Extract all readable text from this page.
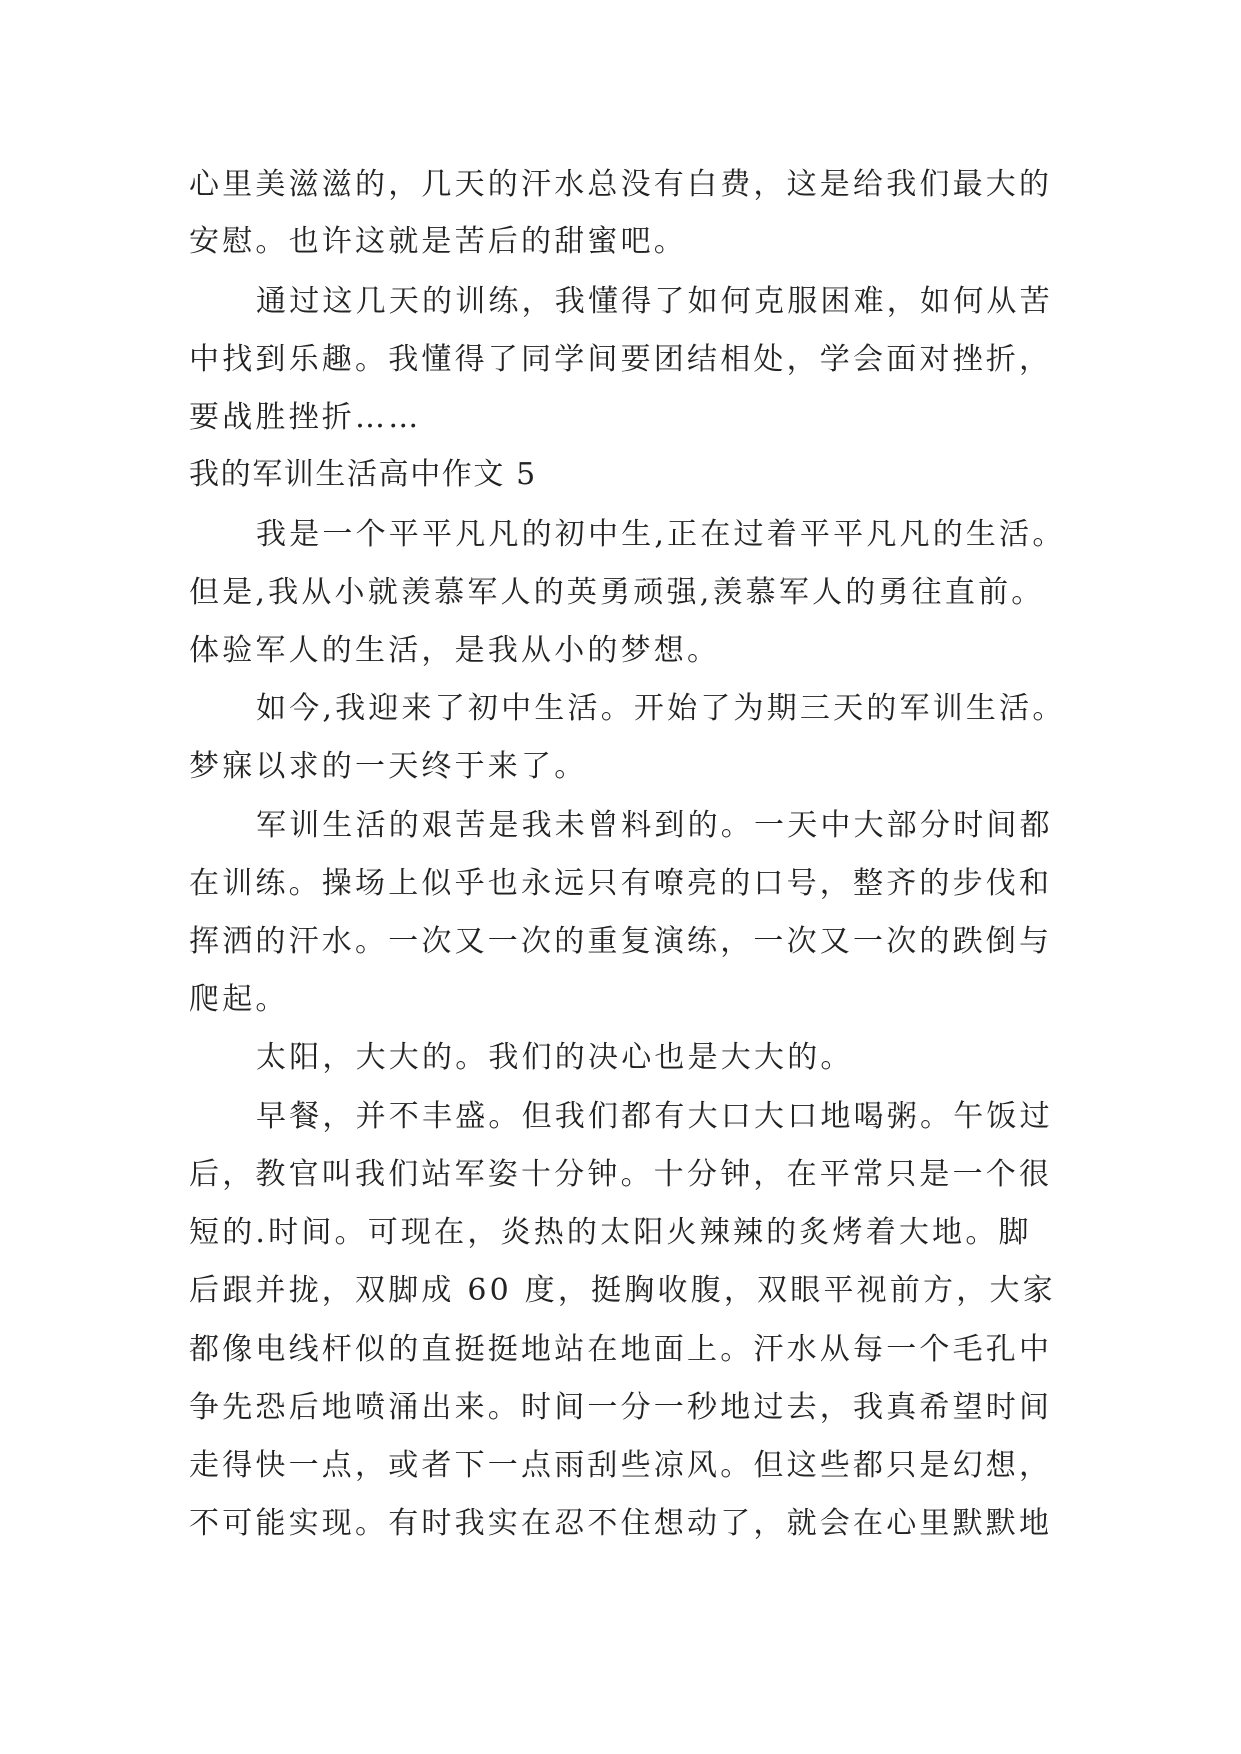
心里美滋滋的，几天的汗水总没有白费，这是给我们最大的
安慰。也许这就是苦后的甜蜜吧。
通过这几天的训练，我懂得了如何克服困难，如何从苦
中找到乐趣。我懂得了同学间要团结相处，学会面对挫折，
要战胜挫折……
我的军训生活高中作文 5
我是一个平平凡凡的初中生,正在过着平平凡凡的生活。
但是,我从小就羡慕军人的英勇顽强,羡慕军人的勇往直前。
体验军人的生活，是我从小的梦想。
如今,我迎来了初中生活。开始了为期三天的军训生活。
梦寐以求的一天终于来了。
军训生活的艰苦是我未曾料到的。一天中大部分时间都
在训练。操场上似乎也永远只有嘹亮的口号，整齐的步伐和
挥洒的汗水。一次又一次的重复演练，一次又一次的跌倒与
爬起。
太阳，大大的。我们的决心也是大大的。
早餐，并不丰盛。但我们都有大口大口地喝粥。午饭过
后，教官叫我们站军姿十分钟。十分钟，在平常只是一个很
短的.时间。可现在，炎热的太阳火辣辣的炙烤着大地。脚
后跟并拢，双脚成 60 度，挺胸收腹，双眼平视前方，大家
都像电线杆似的直挺挺地站在地面上。汗水从每一个毛孔中
争先恐后地喷涌出来。时间一分一秒地过去，我真希望时间
走得快一点，或者下一点雨刮些凉风。但这些都只是幻想，
不可能实现。有时我实在忍不住想动了，就会在心里默默地
